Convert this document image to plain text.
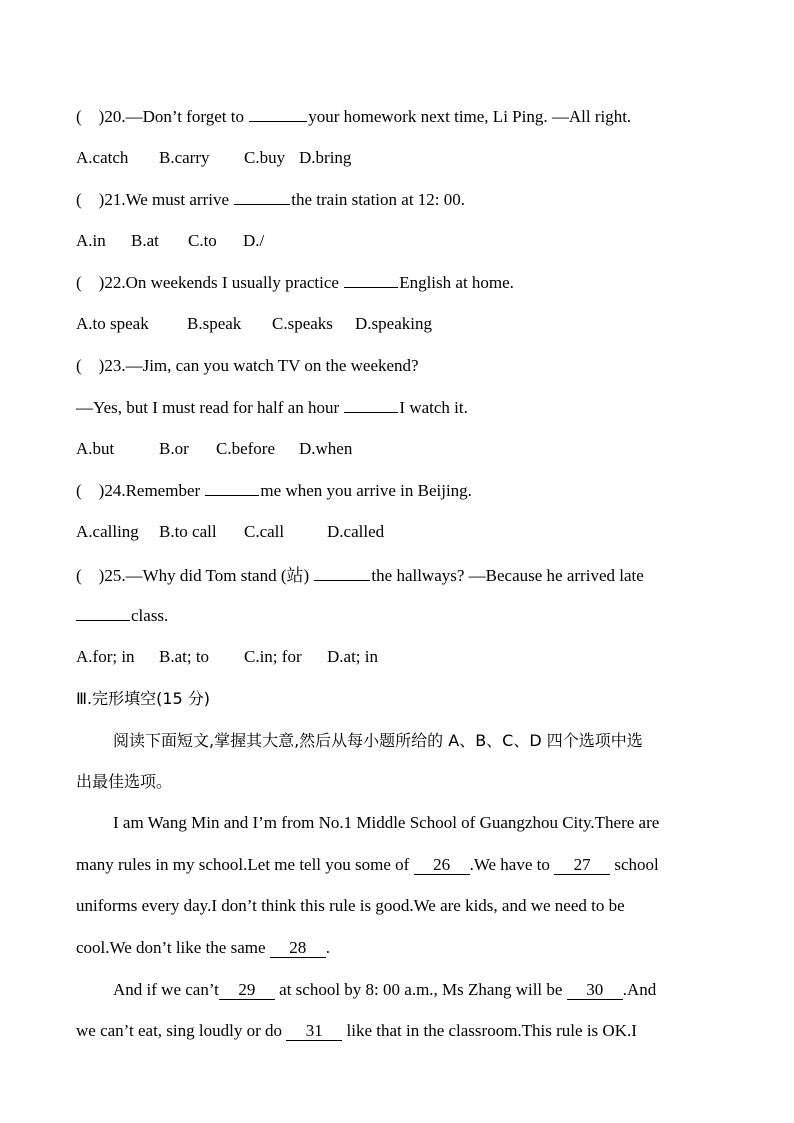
(    )20.—Don’t forget to	your homework next time, Li Ping. —All right.
A.catch B.carry C.buy D.bring
(    )21.We must arrive	the train station at 12: 00.
A.in B.at C.to D./
(    )22.On weekends I usually practice	English at home.
A.to speak B.speak C.speaks D.speaking
(    )23.—Jim, can you watch TV on the weekend?
—Yes, but I must read for half an hour	I watch it.
A.but	B.or C.before D.when
(    )24.Remember	me when you arrive in Beijing.
A.calling B.to call C.call	D.called
(    )25.—Why did Tom stand (站)	the hallways? —Because he arrived late
class.
A.for; in B.at; to C.in; for D.at; in
Ⅲ.完形填空(15 分)
阅读下面短文,掌握其大意,然后从每小题所给的 A、B、C、D 四个选项中选
出最佳选项。
I am Wang Min and I’m from No.1 Middle School of Guangzhou City.There are
many rules in my school.Let me tell you some of 26 .We have to 27 school
uniforms every day.I don’t think this rule is good.We are kids, and we need to be
cool.We don’t like the same 28 .
And if we can’t 29 at school by 8: 00 a.m., Ms Zhang will be 30 .And
we can’t eat, sing loudly or do 31 like that in the classroom.This rule is OK.I
